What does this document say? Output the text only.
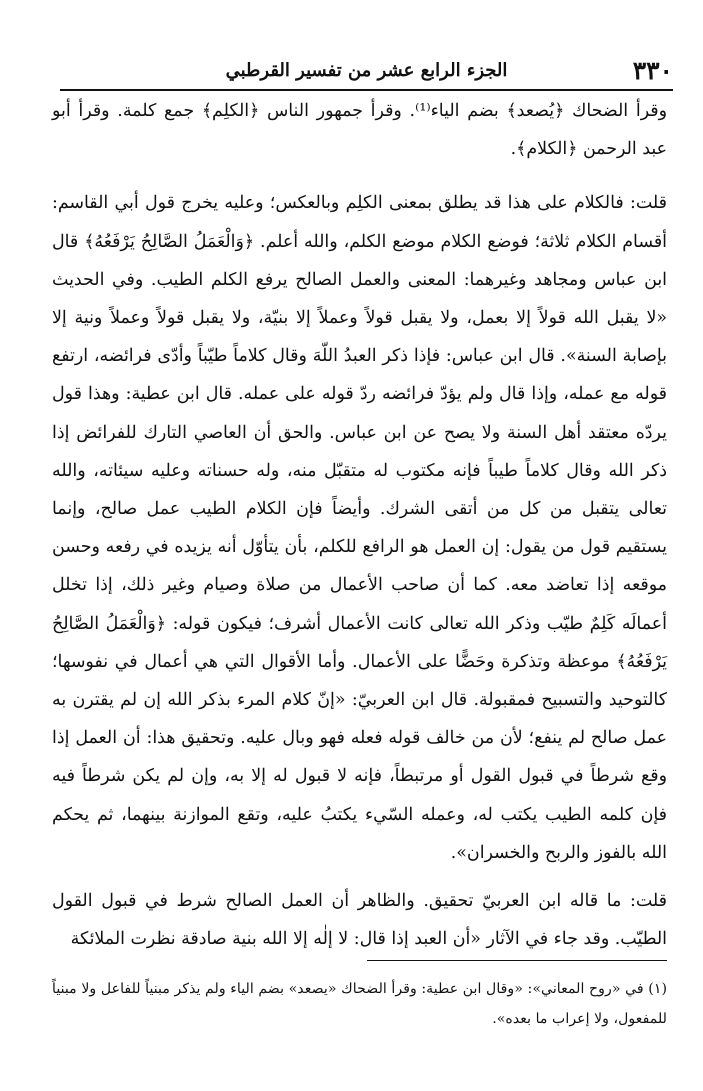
الجزء الرابع عشر من تفسير القرطبي	٣٣٠

وقرأ الضحاك ﴿يُصعد﴾ بضم الياء⁽¹⁾. وقرأ جمهور الناس ﴿الكلِم﴾ جمع كلمة. وقرأ أبو عبد الرحمن ﴿الكلام﴾.

قلت: فالكلام على هذا قد يطلق بمعنى الكلِم وبالعكس؛ وعليه يخرج قول أبي القاسم: أقسام الكلام ثلاثة؛ فوضع الكلام موضع الكلم، والله أعلم. ﴿وَالْعَمَلُ الصَّالِحُ يَرْفَعُهُ﴾ قال ابن عباس ومجاهد وغيرهما: المعنى والعمل الصالح يرفع الكلم الطيب. وفي الحديث «لا يقبل الله قولاً إلا بعمل، ولا يقبل قولاً وعملاً إلا بنيّة، ولا يقبل قولاً وعملاً ونية إلا بإصابة السنة». قال ابن عباس: فإذا ذكر العبدُ اللّهَ وقال كلاماً طيّباً وأدّى فرائضه، ارتفع قوله مع عمله، وإذا قال ولم يؤدّ فرائضه ردّ قوله على عمله. قال ابن عطية: وهذا قول يردّه معتقد أهل السنة ولا يصح عن ابن عباس. والحق أن العاصي التارك للفرائض إذا ذكر الله وقال كلاماً طيباً فإنه مكتوب له متقبّل منه، وله حسناته وعليه سيئاته، والله تعالى يتقبل من كل من أتقى الشرك. وأيضاً فإن الكلام الطيب عمل صالح، وإنما يستقيم قول من يقول: إن العمل هو الرافع للكلم، بأن يتأوّل أنه يزيده في رفعه وحسن موقعه إذا تعاضد معه. كما أن صاحب الأعمال من صلاة وصيام وغير ذلك، إذا تخلل أعمالَه كَلِمٌ طيّب وذكر الله تعالى كانت الأعمال أشرف؛ فيكون قوله: ﴿وَالْعَمَلُ الصَّالِحُ يَرْفَعُهُ﴾ موعظة وتذكرة وحَضًّا على الأعمال. وأما الأقوال التي هي أعمال في نفوسها؛ كالتوحيد والتسبيح فمقبولة. قال ابن العربيّ: «إنّ كلام المرء بذكر الله إن لم يقترن به عمل صالح لم ينفع؛ لأن من خالف قوله فعله فهو وبال عليه. وتحقيق هذا: أن العمل إذا وقع شرطاً في قبول القول أو مرتبطاً، فإنه لا قبول له إلا به، وإن لم يكن شرطاً فيه فإن كلمه الطيب يكتب له، وعمله السّيء يكتبُ عليه، وتقع الموازنة بينهما، ثم يحكم الله بالفوز والربح والخسران».

قلت: ما قاله ابن العربيّ تحقيق. والظاهر أن العمل الصالح شرط في قبول القول الطيّب. وقد جاء في الآثار «أن العبد إذا قال: لا إلٰه إلا الله بنية صادقة نظرت الملائكة

(١) في «روح المعاني»: «وقال ابن عطية: وقرأ الضحاك «يصعد» بضم الياء ولم يذكر مبنياً للفاعل ولا مبنياً للمفعول، ولا إعراب ما بعده».
